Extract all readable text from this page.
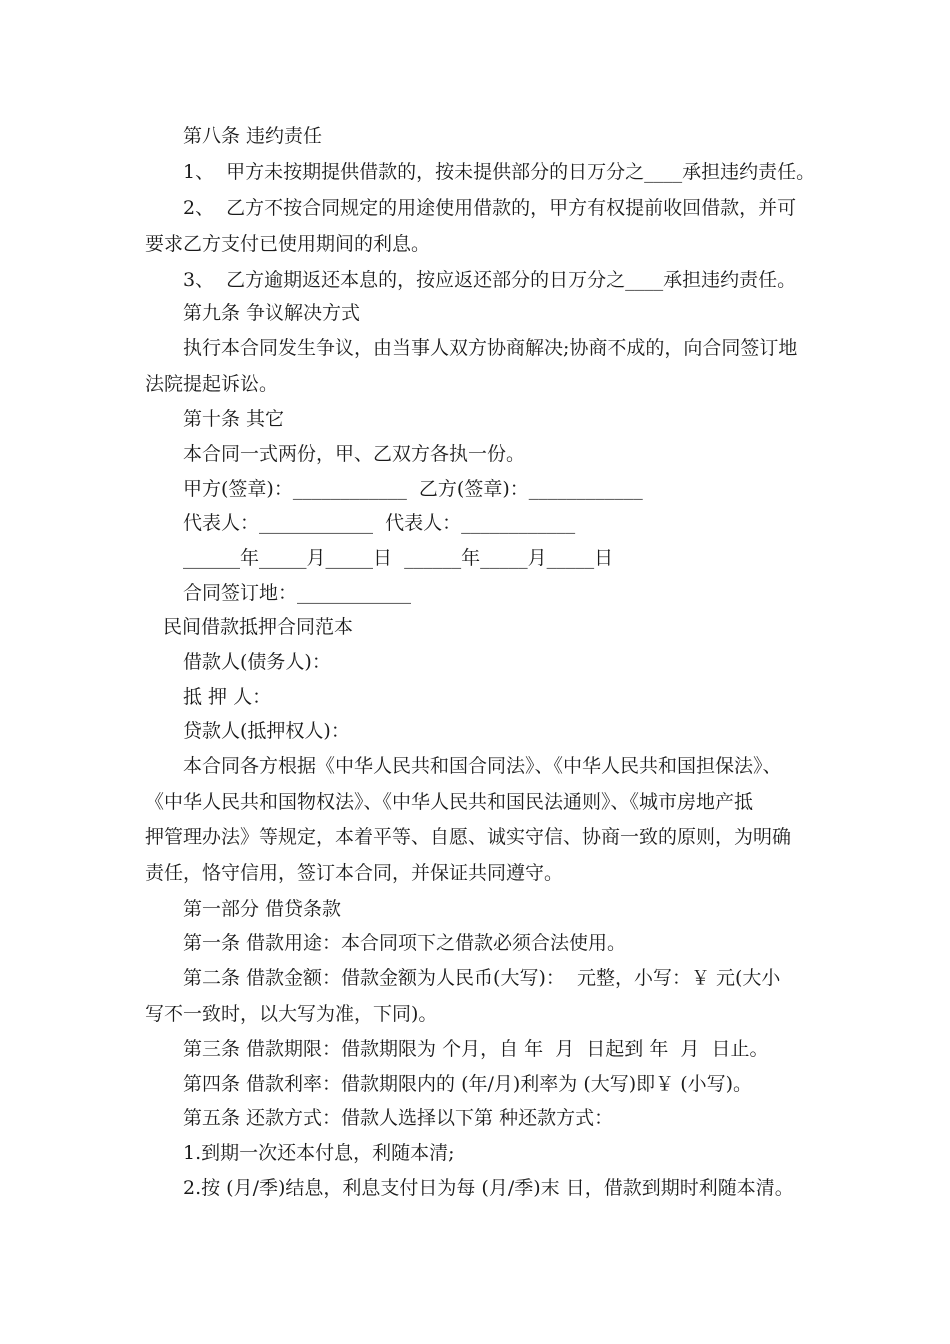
第八条 违约责任
1、  甲方未按期提供借款的，按未提供部分的日万分之____承担违约责任。
2、  乙方不按合同规定的用途使用借款的，甲方有权提前收回借款，并可
要求乙方支付已使用期间的利息。
3、  乙方逾期返还本息的，按应返还部分的日万分之____承担违约责任。
第九条 争议解决方式
执行本合同发生争议，由当事人双方协商解决;协商不成的，向合同签订地
法院提起诉讼。
第十条 其它
本合同一式两份，甲、乙双方各执一份。
甲方(签章)：____________  乙方(签章)：____________
代表人：____________  代表人：____________
______年_____月_____日  ______年_____月_____日
合同签订地：____________
民间借款抵押合同范本
借款人(债务人)：
抵 押 人：
贷款人(抵押权人)：
本合同各方根据《中华人民共和国合同法》、《中华人民共和国担保法》、
《中华人民共和国物权法》、《中华人民共和国民法通则》、《城市房地产抵
押管理办法》等规定，本着平等、自愿、诚实守信、协商一致的原则，为明确
责任，恪守信用，签订本合同，并保证共同遵守。
第一部分 借贷条款
第一条 借款用途：本合同项下之借款必须合法使用。
第二条 借款金额：借款金额为人民币(大写)：  元整，小写：￥ 元(大小
写不一致时，以大写为准，下同)。
第三条 借款期限：借款期限为 个月，自 年  月  日起到 年  月  日止。
第四条 借款利率：借款期限内的 (年/月)利率为 (大写)即￥ (小写)。
第五条 还款方式：借款人选择以下第 种还款方式：
1.到期一次还本付息，利随本清;
2.按 (月/季)结息，利息支付日为每 (月/季)末 日，借款到期时利随本清。
